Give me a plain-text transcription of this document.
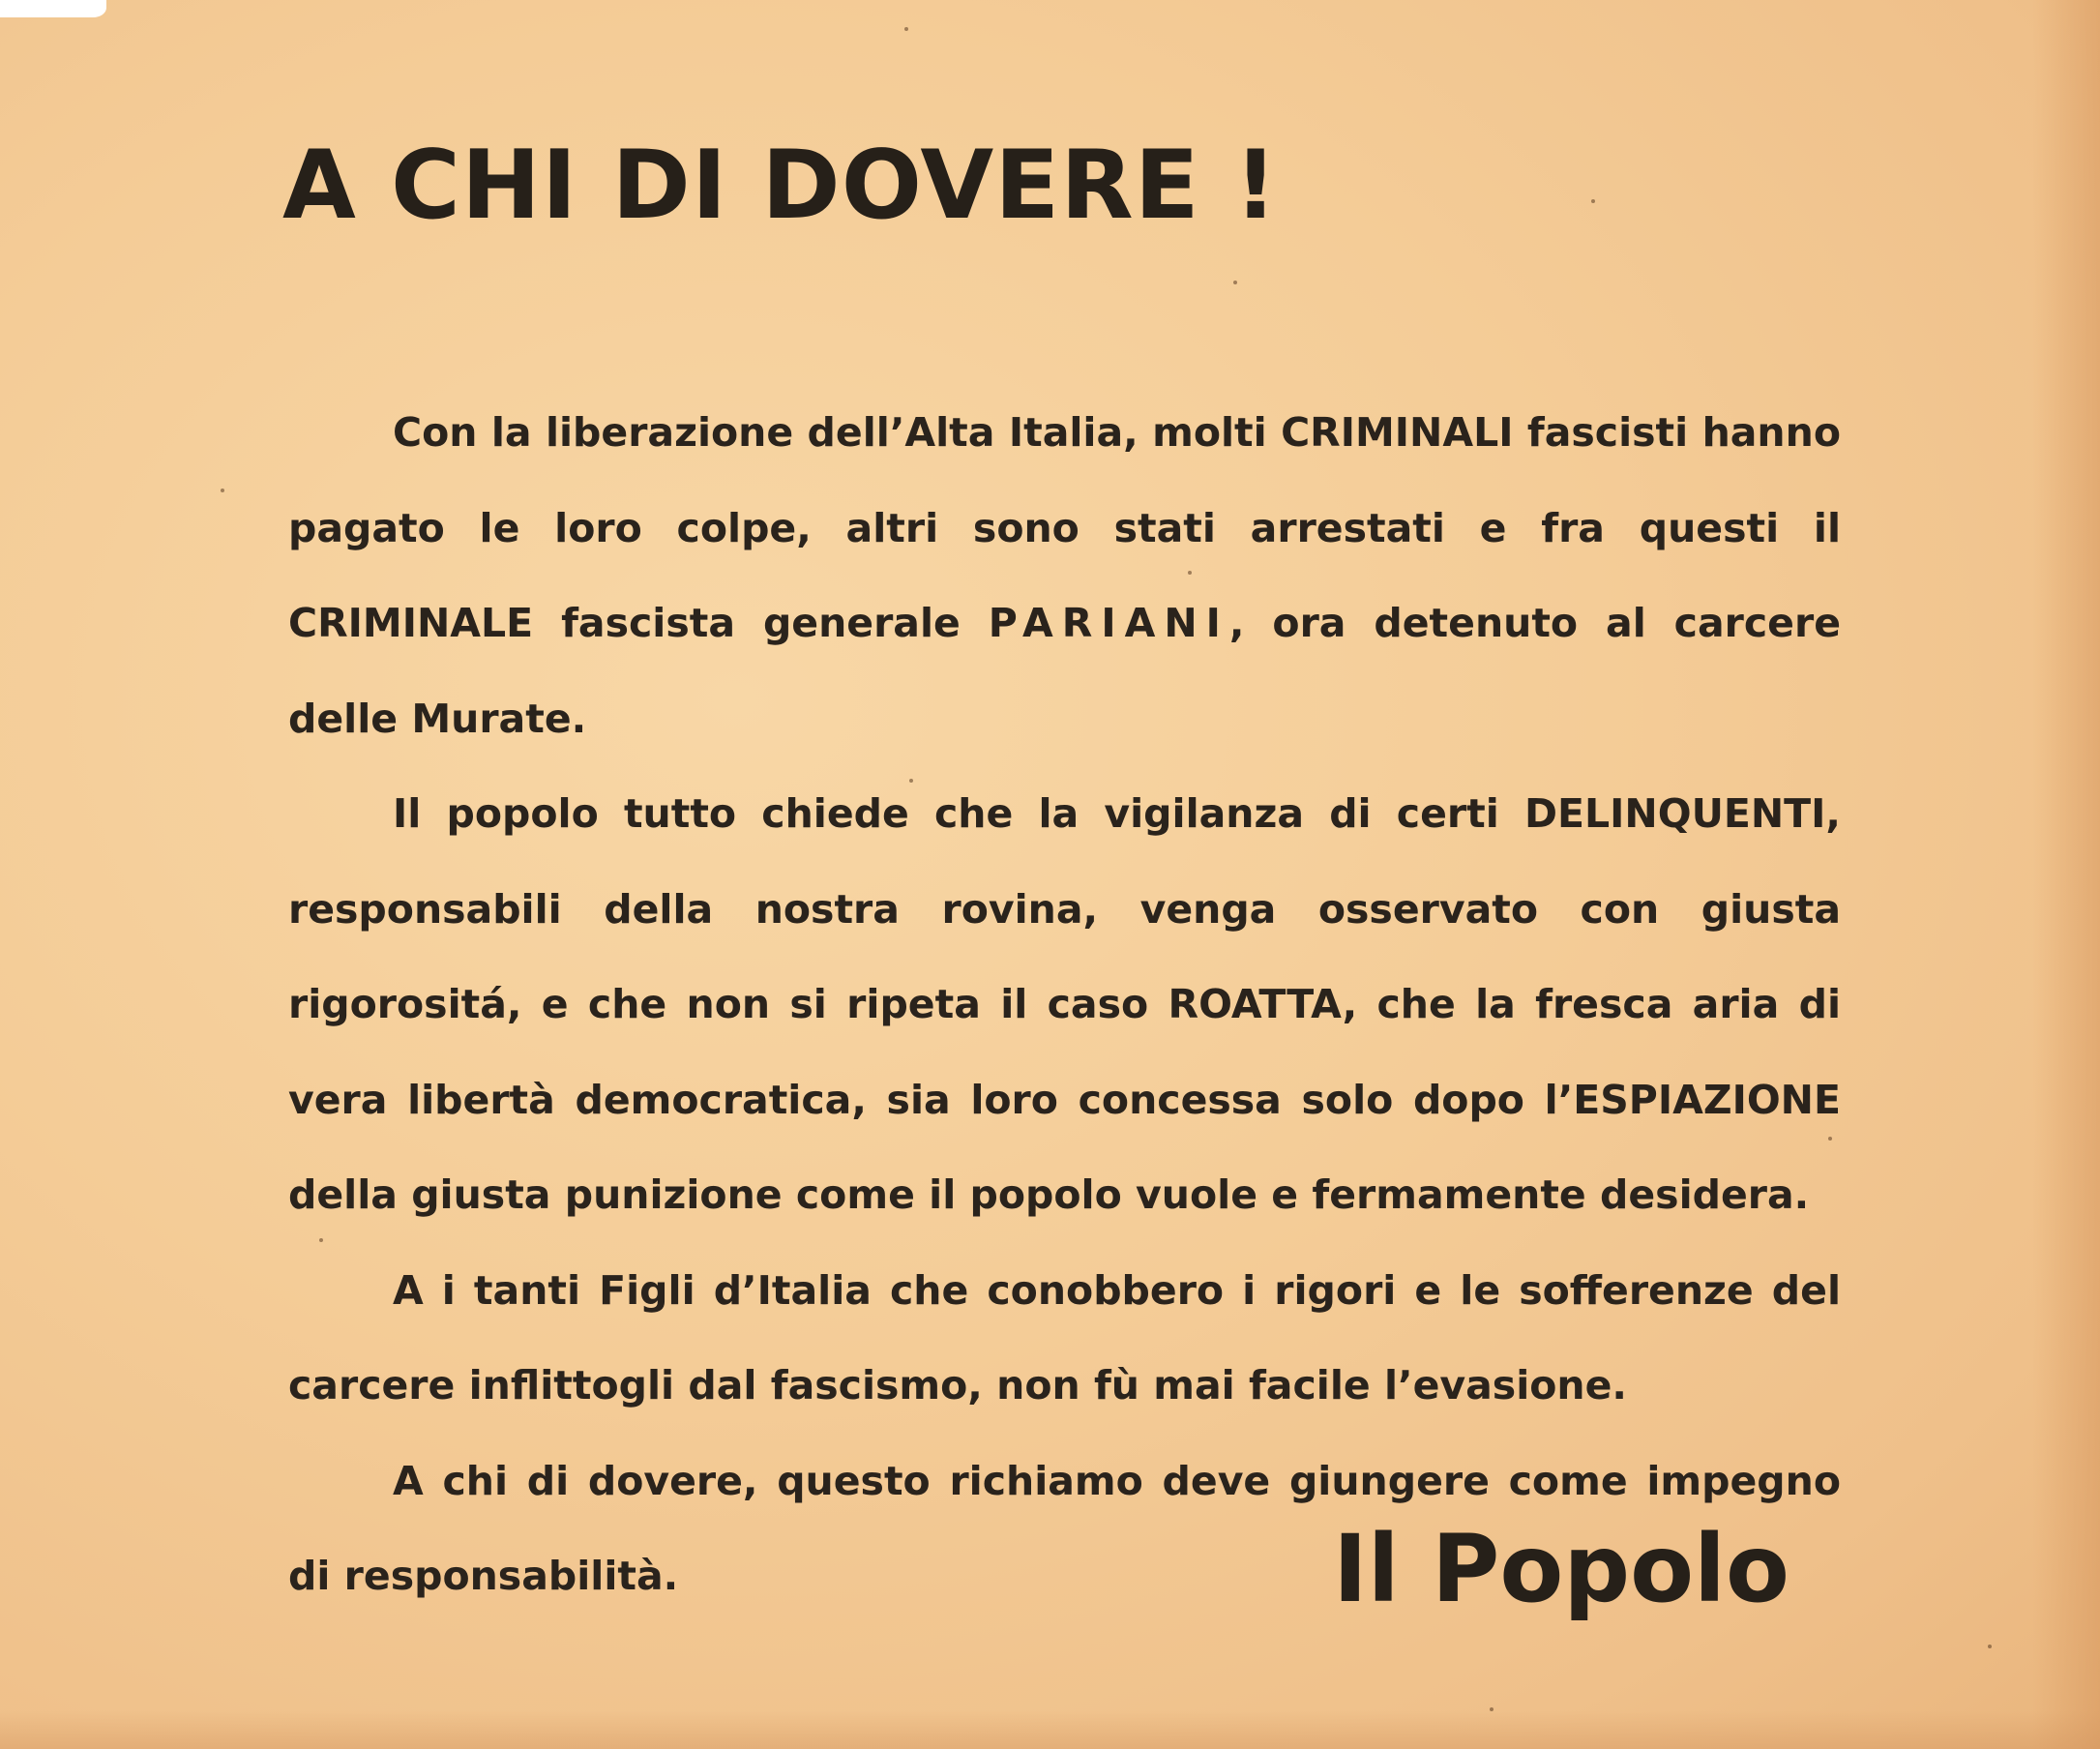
A CHI DI DOVERE !

Con la liberazione dell’Alta Italia, molti CRIMINALI fascisti hanno pagato le loro colpe, altri sono stati arrestati e fra questi il CRIMINALE fascista generale PARIANI, ora detenuto al carcere delle Murate.

Il popolo tutto chiede che la vigilanza di certi DELINQUENTI, responsabili della nostra rovina, venga osservato con giusta rigorositá, e che non si ripeta il caso ROATTA, che la fresca aria di vera libertà democratica, sia loro concessa solo dopo l’ESPIAZIONE della giusta punizione come il popolo vuole e fermamente desidera.

A i tanti Figli d’Italia che conobbero i rigori e le sofferenze del carcere inflittogli dal fascismo, non fù mai facile l’evasione.

A chi di dovere, questo richiamo deve giungere come impegno di responsabilità.	Il Popolo
